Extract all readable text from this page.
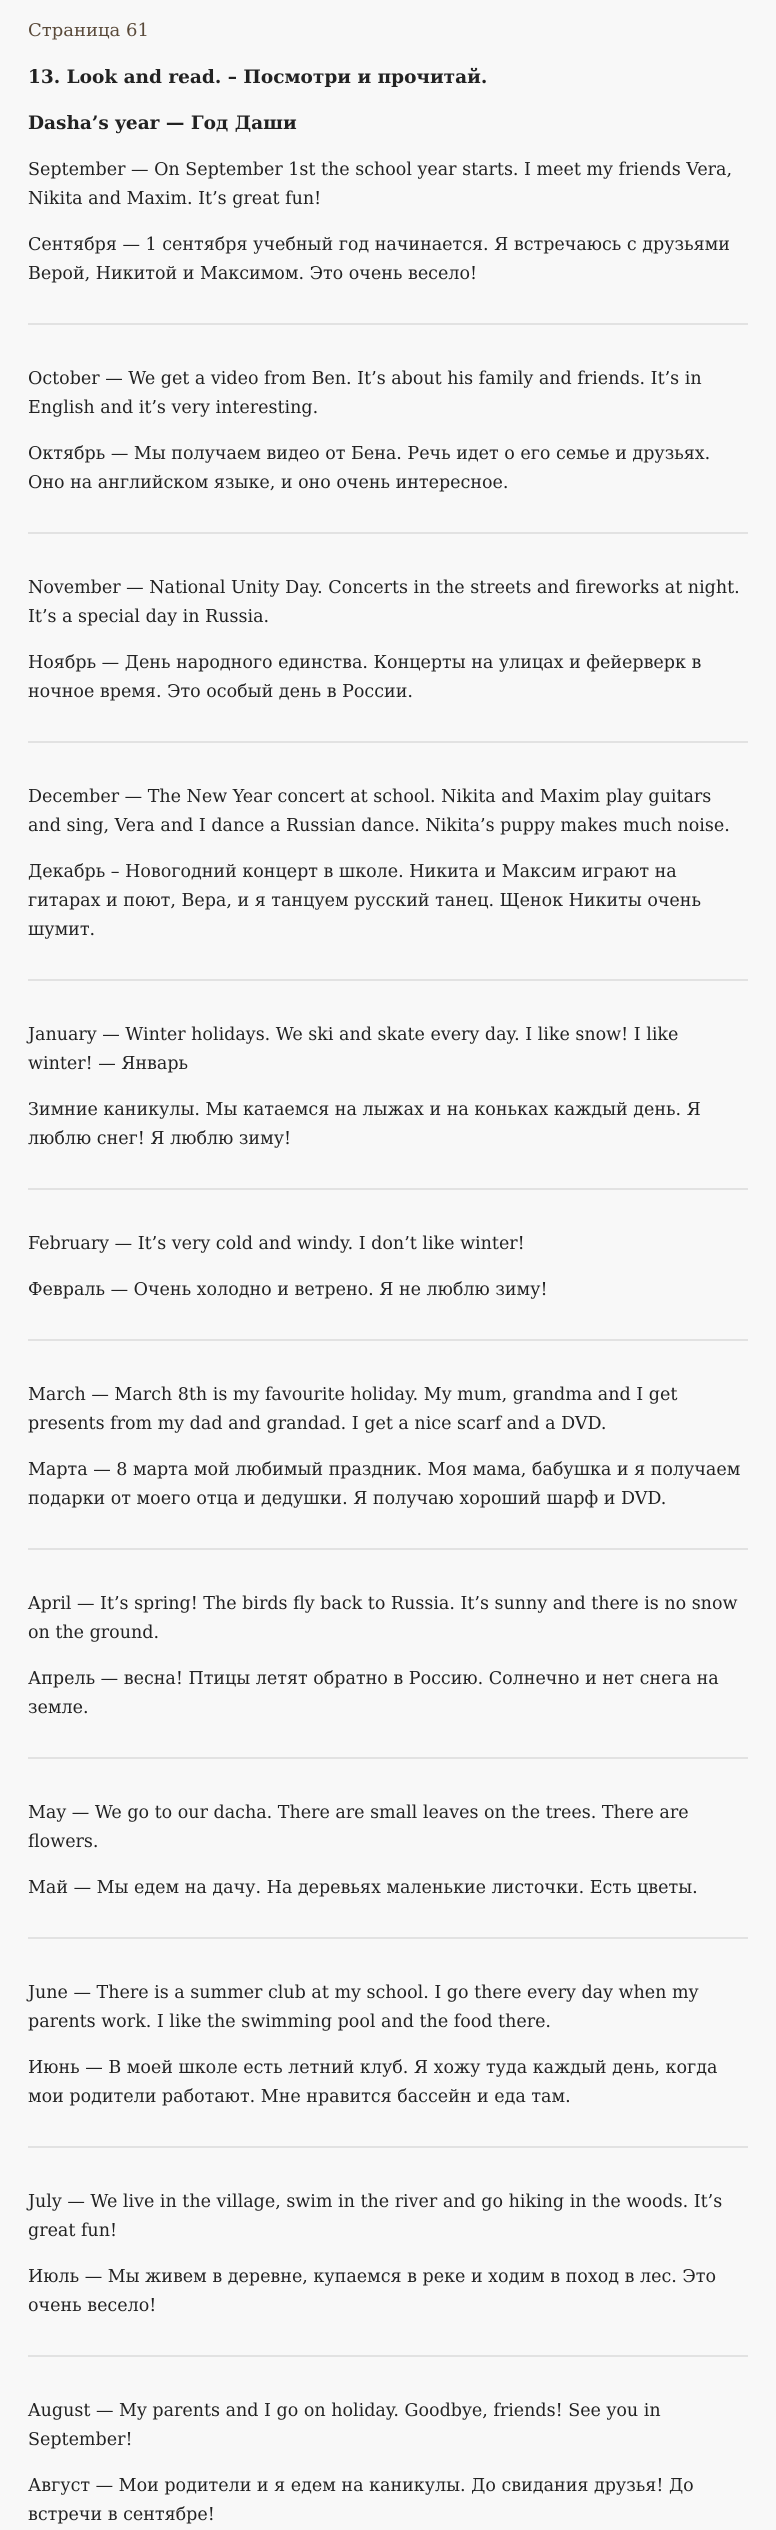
Страница 61
13. Look and read. – Посмотри и прочитай.
Dasha’s year — Год Даши

September — On September 1st the school year starts. I meet my friends Vera, Nikita and Maxim. It’s great fun!

Сентября — 1 сентября учебный год начинается. Я встречаюсь с друзьями Верой, Никитой и Максимом. Это очень весело!

October — We get a video from Ben. It’s about his family and friends. It’s in English and it’s very interesting.

Октябрь — Мы получаем видео от Бена. Речь идет о его семье и друзьях. Оно на английском языке, и оно очень интересное.

November — National Unity Day. Concerts in the streets and fireworks at night. It’s a special day in Russia.

Ноябрь — День народного единства. Концерты на улицах и фейерверк в ночное время. Это особый день в России.

December — The New Year concert at school. Nikita and Maxim play guitars and sing, Vera and I dance a Russian dance. Nikita’s puppy makes much noise.

Декабрь – Новогодний концерт в школе. Никита и Максим играют на гитарах и поют, Вера, и я танцуем русский танец. Щенок Никиты очень шумит.

January — Winter holidays. We ski and skate every day. I like snow! I like winter! — Январь

Зимние каникулы. Мы катаемся на лыжах и на коньках каждый день. Я люблю снег! Я люблю зиму!

February — It’s very cold and windy. I don’t like winter!

Февраль — Очень холодно и ветрено. Я не люблю зиму!

March — March 8th is my favourite holiday. My mum, grandma and I get presents from my dad and grandad. I get a nice scarf and a DVD.

Марта — 8 марта мой любимый праздник. Моя мама, бабушка и я получаем подарки от моего отца и дедушки. Я получаю хороший шарф и DVD.

April — It’s spring! The birds fly back to Russia. It’s sunny and there is no snow on the ground.

Апрель — весна! Птицы летят обратно в Россию. Солнечно и нет снега на земле.

May — We go to our dacha. There are small leaves on the trees. There are flowers.

Май — Мы едем на дачу. На деревьях маленькие листочки. Есть цветы.

June — There is a summer club at my school. I go there every day when my parents work. I like the swimming pool and the food there.

Июнь — В моей школе есть летний клуб. Я хожу туда каждый день, когда мои родители работают. Мне нравится бассейн и еда там.

July — We live in the village, swim in the river and go hiking in the woods. It’s great fun!

Июль — Мы живем в деревне, купаемся в реке и ходим в поход в лес. Это очень весело!

August — My parents and I go on holiday. Goodbye, friends! See you in September!

Август — Мои родители и я едем на каникулы. До свидания друзья! До встречи в сентябре!
